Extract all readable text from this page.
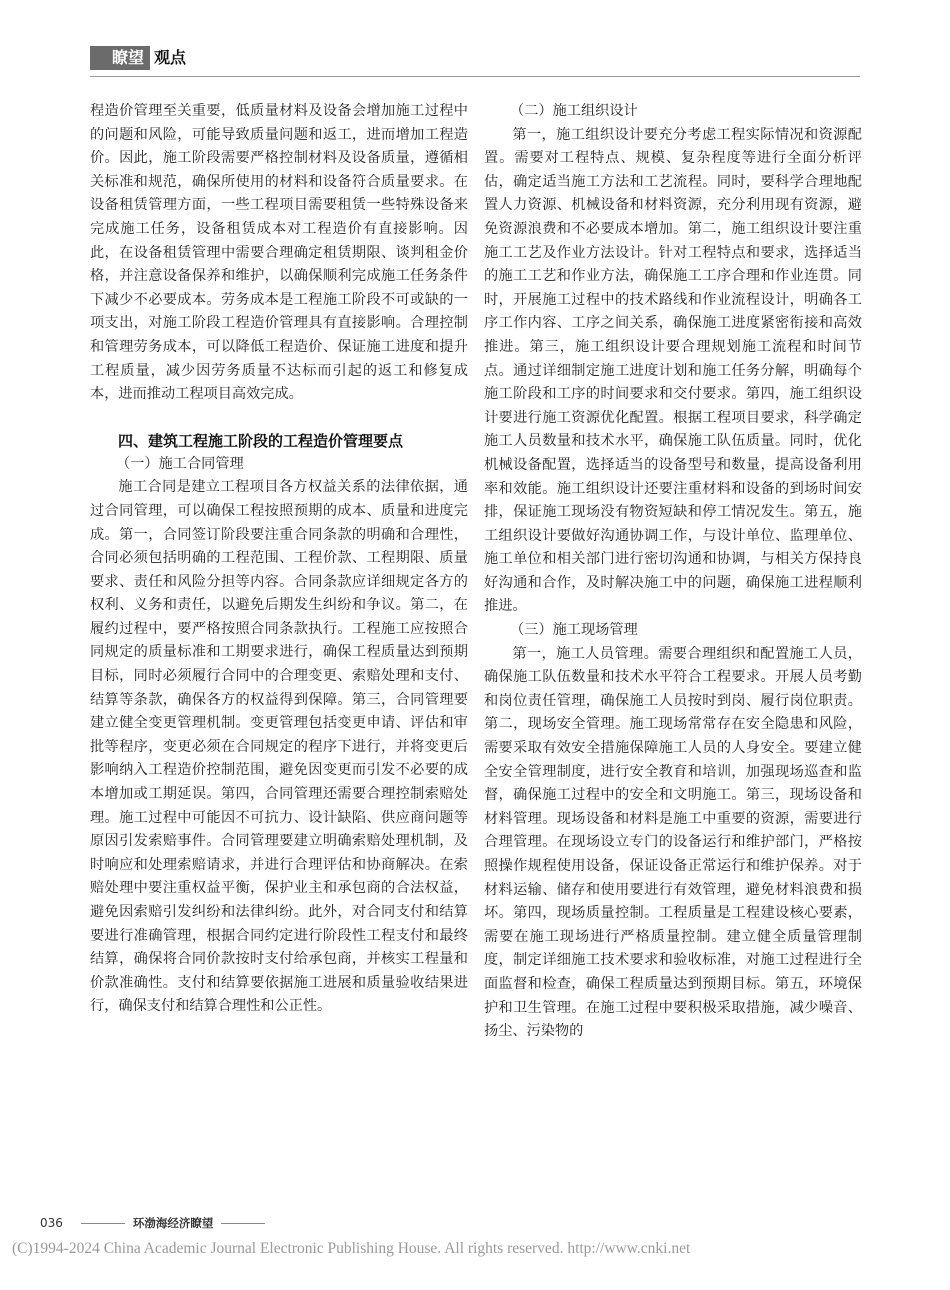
瞭望 观点

程造价管理至关重要，低质量材料及设备会增加施工过程中的问题和风险，可能导致质量问题和返工，进而增加工程造价。因此，施工阶段需要严格控制材料及设备质量，遵循相关标准和规范，确保所使用的材料和设备符合质量要求。在设备租赁管理方面，一些工程项目需要租赁一些特殊设备来完成施工任务，设备租赁成本对工程造价有直接影响。因此，在设备租赁管理中需要合理确定租赁期限、谈判租金价格，并注意设备保养和维护，以确保顺利完成施工任务条件下减少不必要成本。劳务成本是工程施工阶段不可或缺的一项支出，对施工阶段工程造价管理具有直接影响。合理控制和管理劳务成本，可以降低工程造价、保证施工进度和提升工程质量，减少因劳务质量不达标而引起的返工和修复成本，进而推动工程项目高效完成。

四、建筑工程施工阶段的工程造价管理要点
（一）施工合同管理

施工合同是建立工程项目各方权益关系的法律依据，通过合同管理，可以确保工程按照预期的成本、质量和进度完成。第一，合同签订阶段要注重合同条款的明确和合理性，合同必须包括明确的工程范围、工程价款、工程期限、质量要求、责任和风险分担等内容。合同条款应详细规定各方的权利、义务和责任，以避免后期发生纠纷和争议。第二，在履约过程中，要严格按照合同条款执行。工程施工应按照合同规定的质量标准和工期要求进行，确保工程质量达到预期目标，同时必须履行合同中的合理变更、索赔处理和支付、结算等条款，确保各方的权益得到保障。第三，合同管理要建立健全变更管理机制。变更管理包括变更申请、评估和审批等程序，变更必须在合同规定的程序下进行，并将变更后影响纳入工程造价控制范围，避免因变更而引发不必要的成本增加或工期延误。第四，合同管理还需要合理控制索赔处理。施工过程中可能因不可抗力、设计缺陷、供应商问题等原因引发索赔事件。合同管理要建立明确索赔处理机制，及时响应和处理索赔请求，并进行合理评估和协商解决。在索赔处理中要注重权益平衡，保护业主和承包商的合法权益，避免因索赔引发纠纷和法律纠纷。此外，对合同支付和结算要进行准确管理，根据合同约定进行阶段性工程支付和最终结算，确保将合同价款按时支付给承包商，并核实工程量和价款准确性。支付和结算要依据施工进展和质量验收结果进行，确保支付和结算合理性和公正性。

（二）施工组织设计

第一，施工组织设计要充分考虑工程实际情况和资源配置。需要对工程特点、规模、复杂程度等进行全面分析评估，确定适当施工方法和工艺流程。同时，要科学合理地配置人力资源、机械设备和材料资源，充分利用现有资源，避免资源浪费和不必要成本增加。第二，施工组织设计要注重施工工艺及作业方法设计。针对工程特点和要求，选择适当的施工工艺和作业方法，确保施工工序合理和作业连贯。同时，开展施工过程中的技术路线和作业流程设计，明确各工序工作内容、工序之间关系，确保施工进度紧密衔接和高效推进。第三，施工组织设计要合理规划施工流程和时间节点。通过详细制定施工进度计划和施工任务分解，明确每个施工阶段和工序的时间要求和交付要求。第四，施工组织设计要进行施工资源优化配置。根据工程项目要求，科学确定施工人员数量和技术水平，确保施工队伍质量。同时，优化机械设备配置，选择适当的设备型号和数量，提高设备利用率和效能。施工组织设计还要注重材料和设备的到场时间安排，保证施工现场没有物资短缺和停工情况发生。第五，施工组织设计要做好沟通协调工作，与设计单位、监理单位、施工单位和相关部门进行密切沟通和协调，与相关方保持良好沟通和合作，及时解决施工中的问题，确保施工进程顺利推进。

（三）施工现场管理

第一，施工人员管理。需要合理组织和配置施工人员，确保施工队伍数量和技术水平符合工程要求。开展人员考勤和岗位责任管理，确保施工人员按时到岗、履行岗位职责。第二，现场安全管理。施工现场常常存在安全隐患和风险，需要采取有效安全措施保障施工人员的人身安全。要建立健全安全管理制度，进行安全教育和培训，加强现场巡查和监督，确保施工过程中的安全和文明施工。第三，现场设备和材料管理。现场设备和材料是施工中重要的资源，需要进行合理管理。在现场设立专门的设备运行和维护部门，严格按照操作规程使用设备，保证设备正常运行和维护保养。对于材料运输、储存和使用要进行有效管理，避免材料浪费和损坏。第四，现场质量控制。工程质量是工程建设核心要素，需要在施工现场进行严格质量控制。建立健全质量管理制度，制定详细施工技术要求和验收标准，对施工过程进行全面监督和检查，确保工程质量达到预期目标。第五，环境保护和卫生管理。在施工过程中要积极采取措施，减少噪音、扬尘、污染物的

036	环渤海经济瞭望
(C)1994-2024 China Academic Journal Electronic Publishing House. All rights reserved. http://www.cnki.net
